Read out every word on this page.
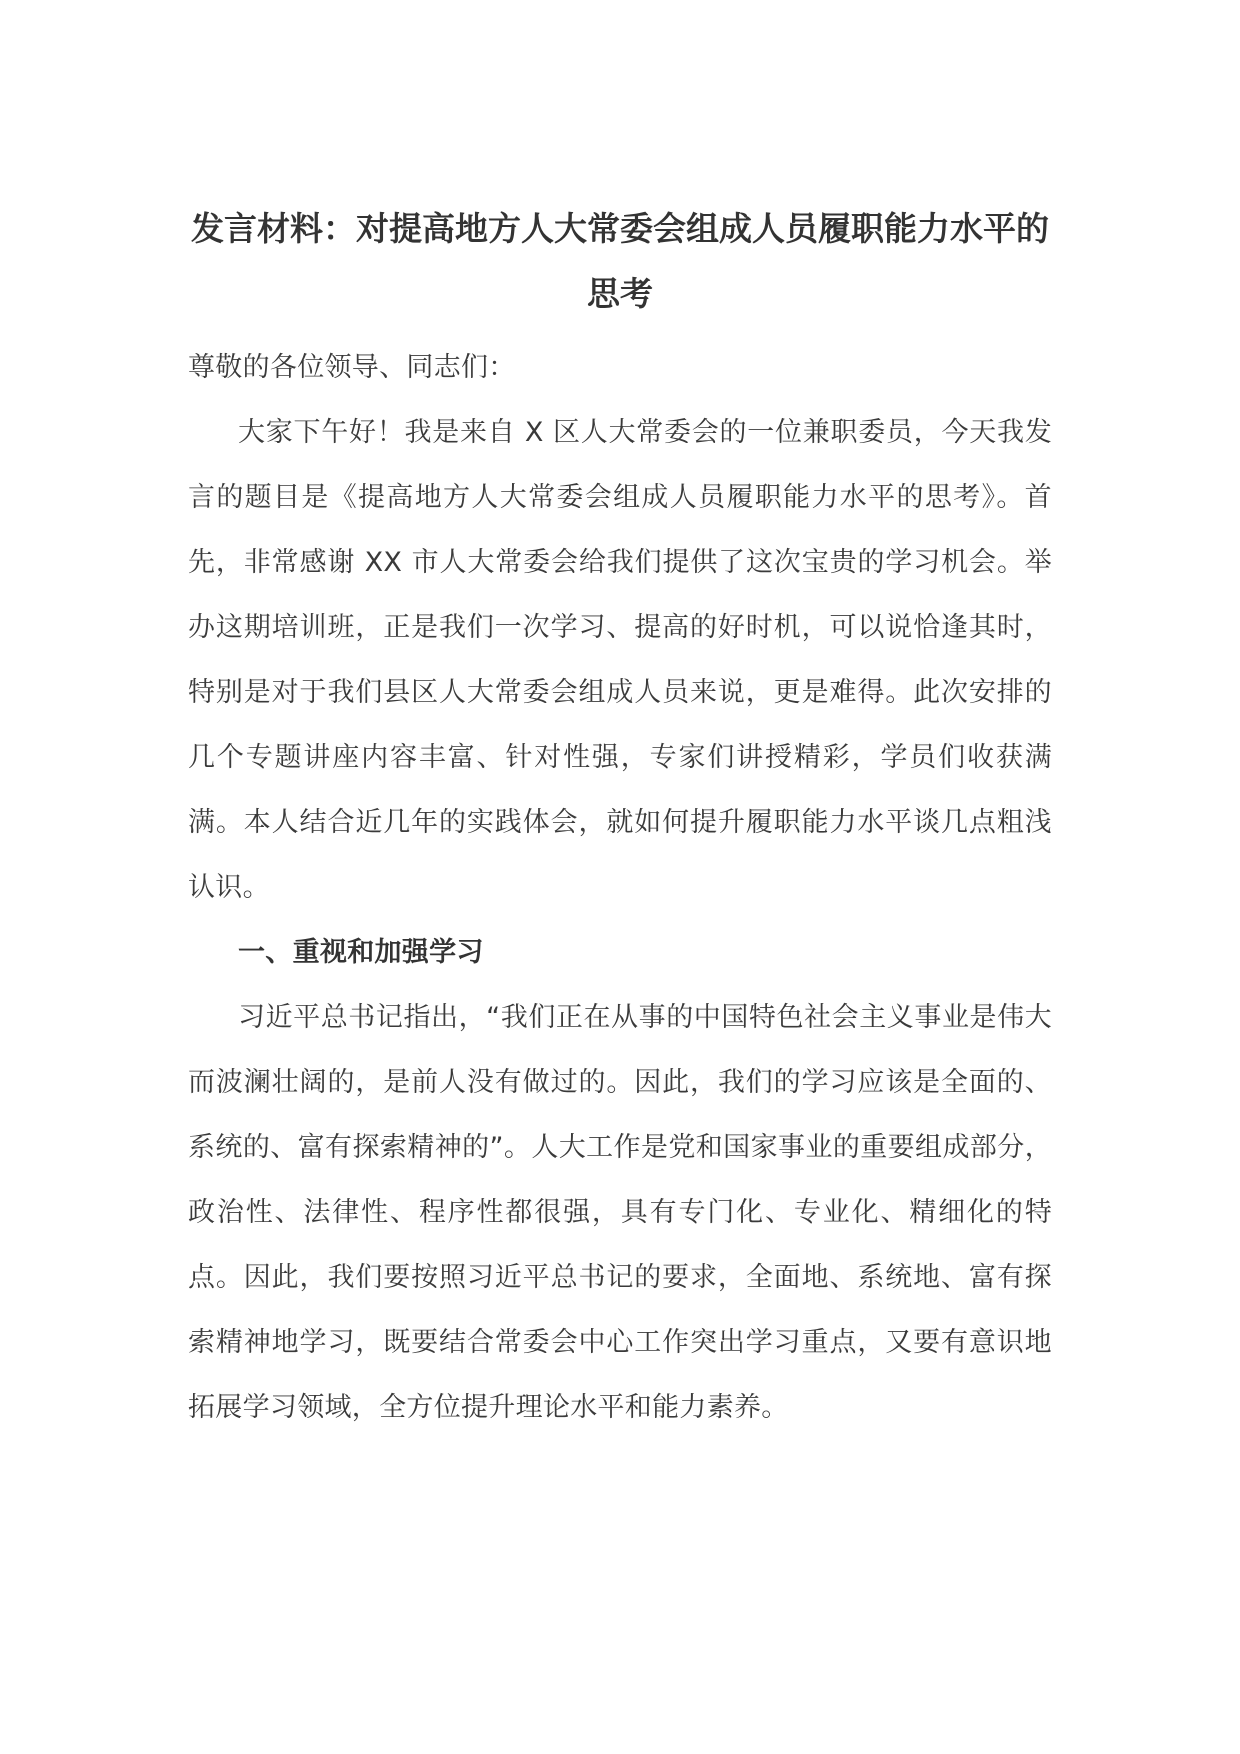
发言材料：对提高地方人大常委会组成人员履职能力水平的思考

尊敬的各位领导、同志们：

大家下午好！我是来自 X 区人大常委会的一位兼职委员，今天我发言的题目是《提高地方人大常委会组成人员履职能力水平的思考》。首先，非常感谢 XX 市人大常委会给我们提供了这次宝贵的学习机会。举办这期培训班，正是我们一次学习、提高的好时机，可以说恰逢其时，特别是对于我们县区人大常委会组成人员来说，更是难得。此次安排的几个专题讲座内容丰富、针对性强，专家们讲授精彩，学员们收获满满。本人结合近几年的实践体会，就如何提升履职能力水平谈几点粗浅认识。

一、重视和加强学习

习近平总书记指出，“我们正在从事的中国特色社会主义事业是伟大而波澜壮阔的，是前人没有做过的。因此，我们的学习应该是全面的、系统的、富有探索精神的”。人大工作是党和国家事业的重要组成部分，政治性、法律性、程序性都很强，具有专门化、专业化、精细化的特点。因此，我们要按照习近平总书记的要求，全面地、系统地、富有探索精神地学习，既要结合常委会中心工作突出学习重点，又要有意识地拓展学习领域，全方位提升理论水平和能力素养。
